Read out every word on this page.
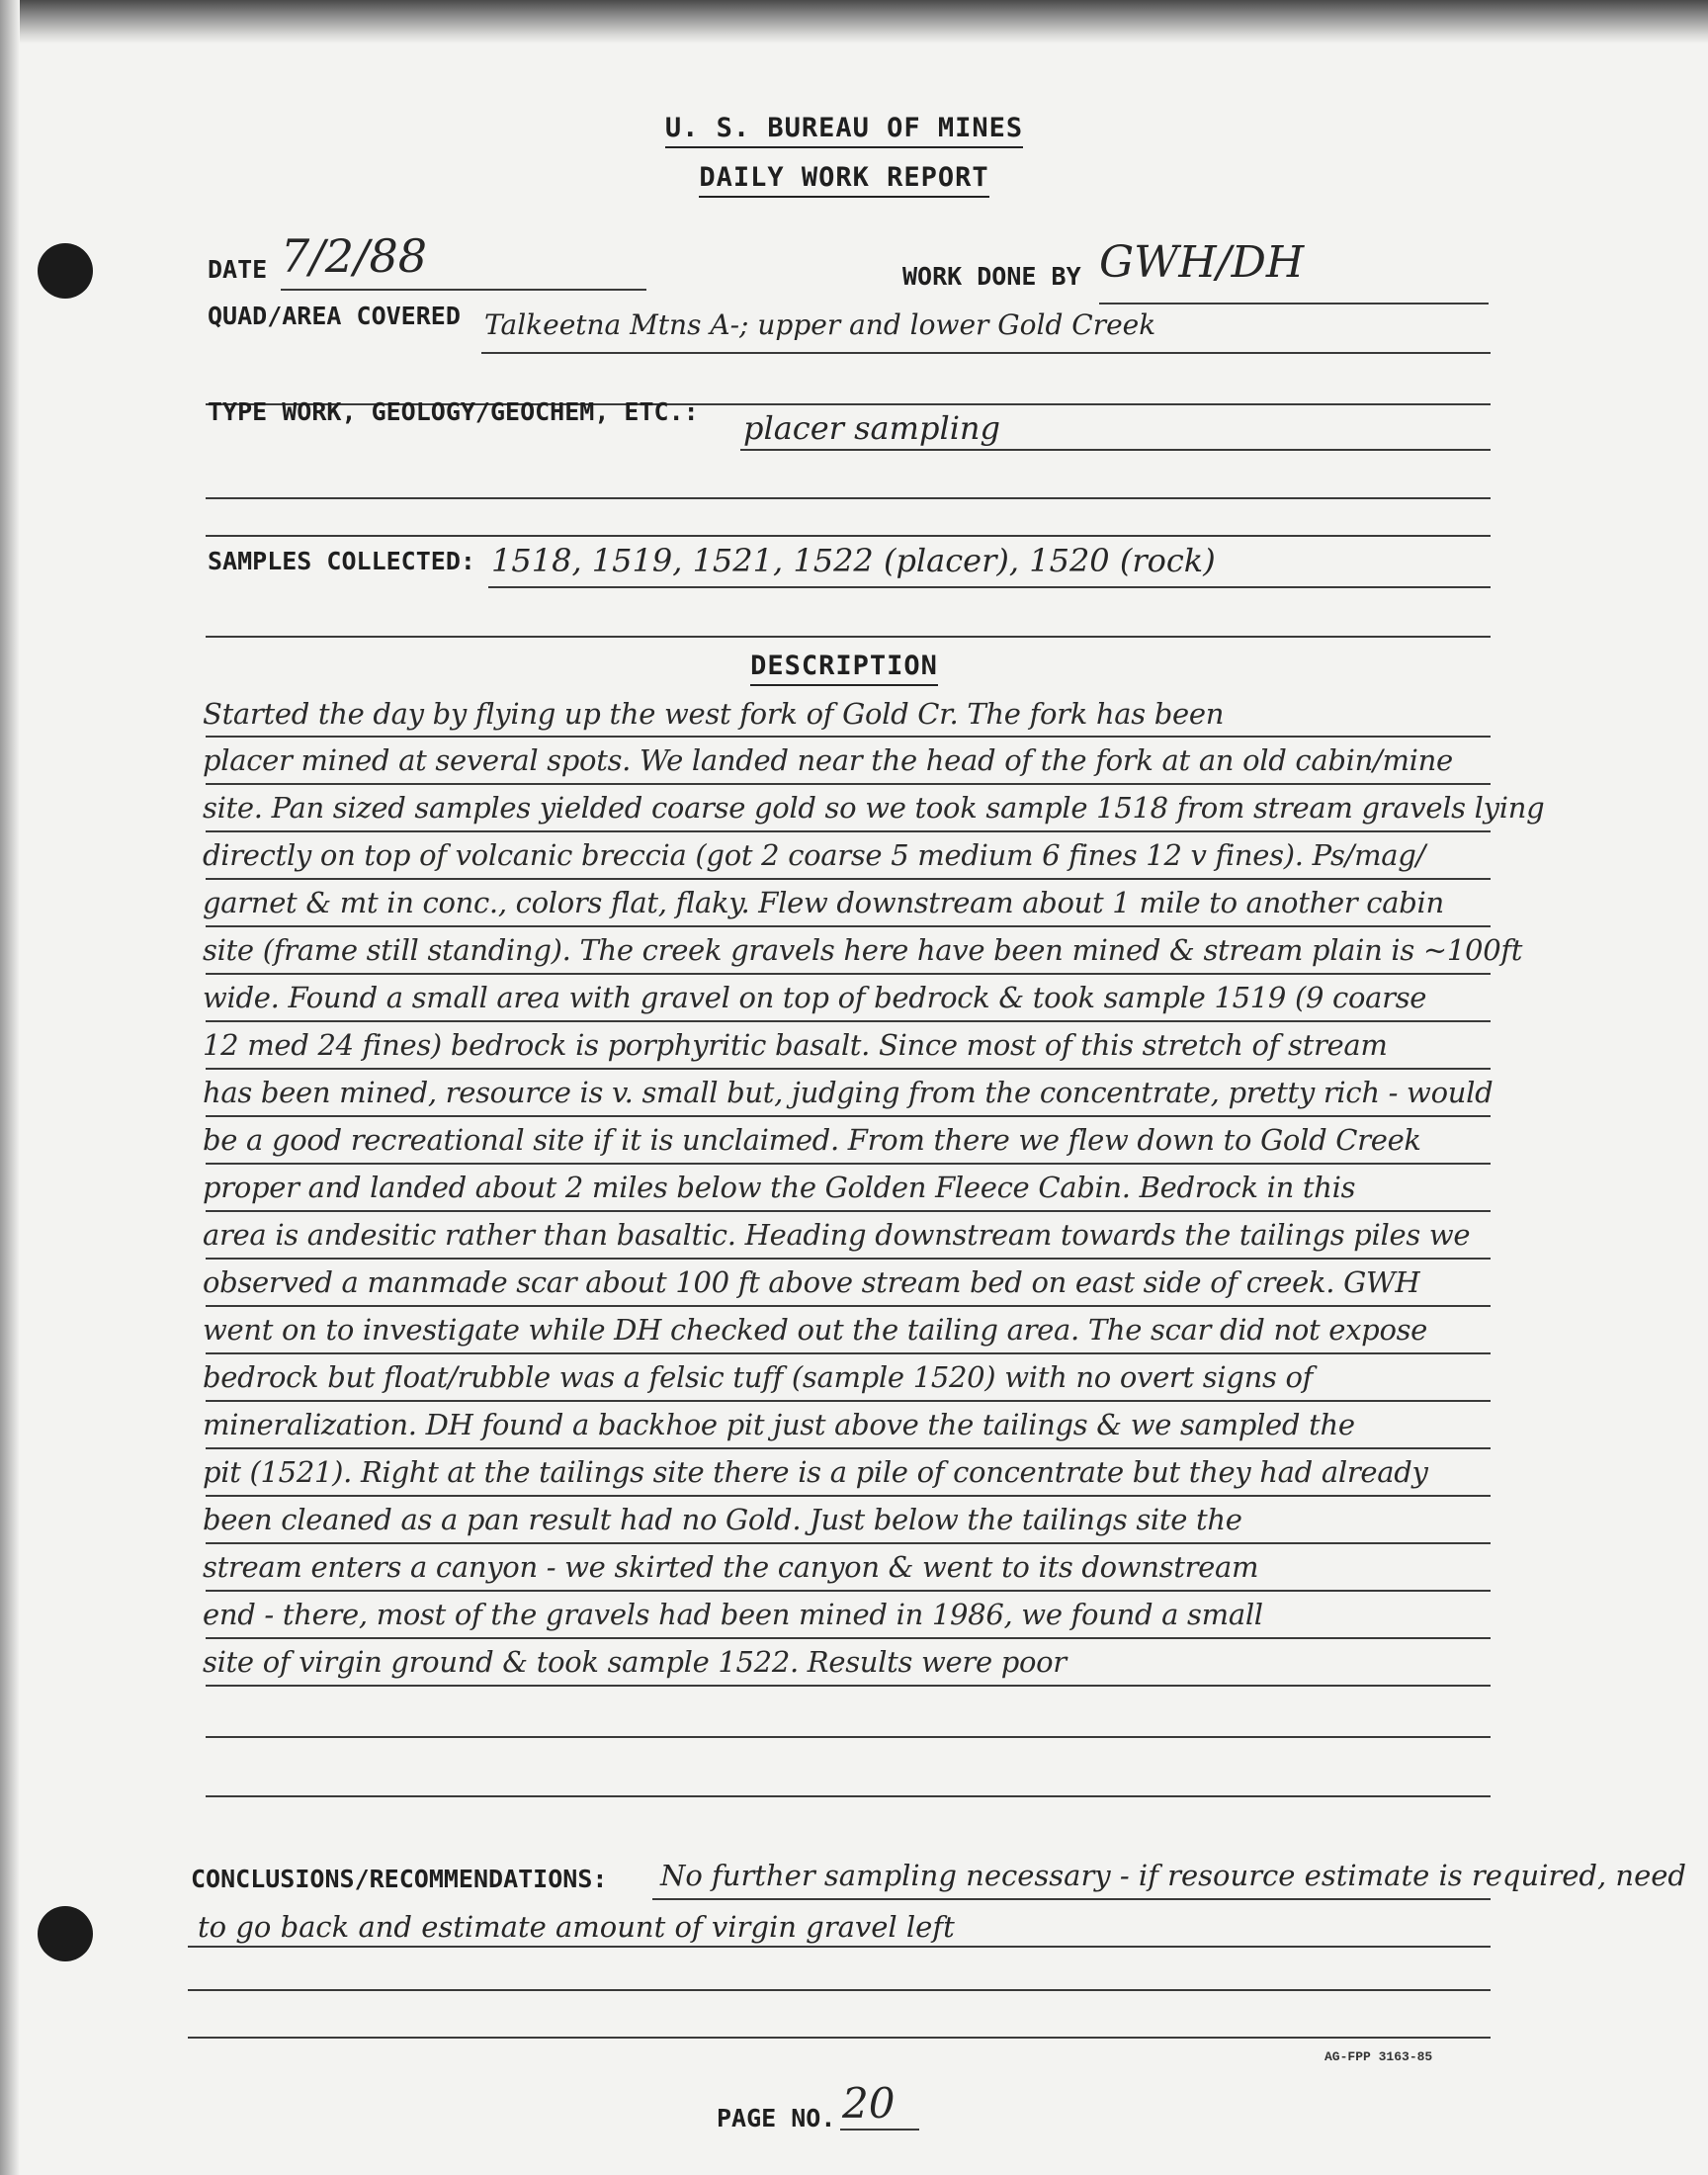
U. S. BUREAU OF MINES
DAILY WORK REPORT
DATE 7/2/88	WORK DONE BY GWH/DH
QUAD/AREA COVERED Talkeetna Mtns A-; upper and lower Gold Creek
TYPE WORK, GEOLOGY/GEOCHEM, ETC.: placer sampling
SAMPLES COLLECTED: 1518, 1519, 1521, 1522 (placer), 1520 (rock)
DESCRIPTION
Started the day by flying up the west fork of Gold Cr. The fork has been
placer mined at several spots. We landed near the head of the fork at an old cabin/mine
site. Pan sized samples yielded coarse gold so we took sample 1518 from stream gravels lying
directly on top of volcanic breccia (got 2 coarse 5 medium 6 fines 12 v fines). Ps/mag/
garnet & mt in conc., colors flat, flaky. Flew downstream about 1 mile to another cabin
site (frame still standing). The creek gravels here have been mined & stream plain is ~100ft
wide. Found a small area with gravel on top of bedrock & took sample 1519 (9 coarse
12 med 24 fines) bedrock is porphyritic basalt. Since most of this stretch of stream
has been mined, resource is v. small but, judging from the concentrate, pretty rich - would
be a good recreational site if it is unclaimed. From there we flew down to Gold Creek
proper and landed about 2 miles below the Golden Fleece Cabin. Bedrock in this
area is andesitic rather than basaltic. Heading downstream towards the tailings piles we
observed a manmade scar about 100 ft above stream bed on east side of creek. GWH
went on to investigate while DH checked out the tailing area. The scar did not expose
bedrock but float/rubble was a felsic tuff (sample 1520) with no overt signs of
mineralization. DH found a backhoe pit just above the tailings & we sampled the
pit (1521). Right at the tailings site there is a pile of concentrate but they had already
been cleaned as a pan result had no Gold. Just below the tailings site the
stream enters a canyon - we skirted the canyon & went to its downstream
end - there, most of the gravels had been mined in 1986, we found a small
site of virgin ground & took sample 1522. Results were poor
CONCLUSIONS/RECOMMENDATIONS: No further sampling necessary - if resource estimate is required, need
to go back and estimate amount of virgin gravel left
AG-FPP 3163-85
PAGE NO. 20
